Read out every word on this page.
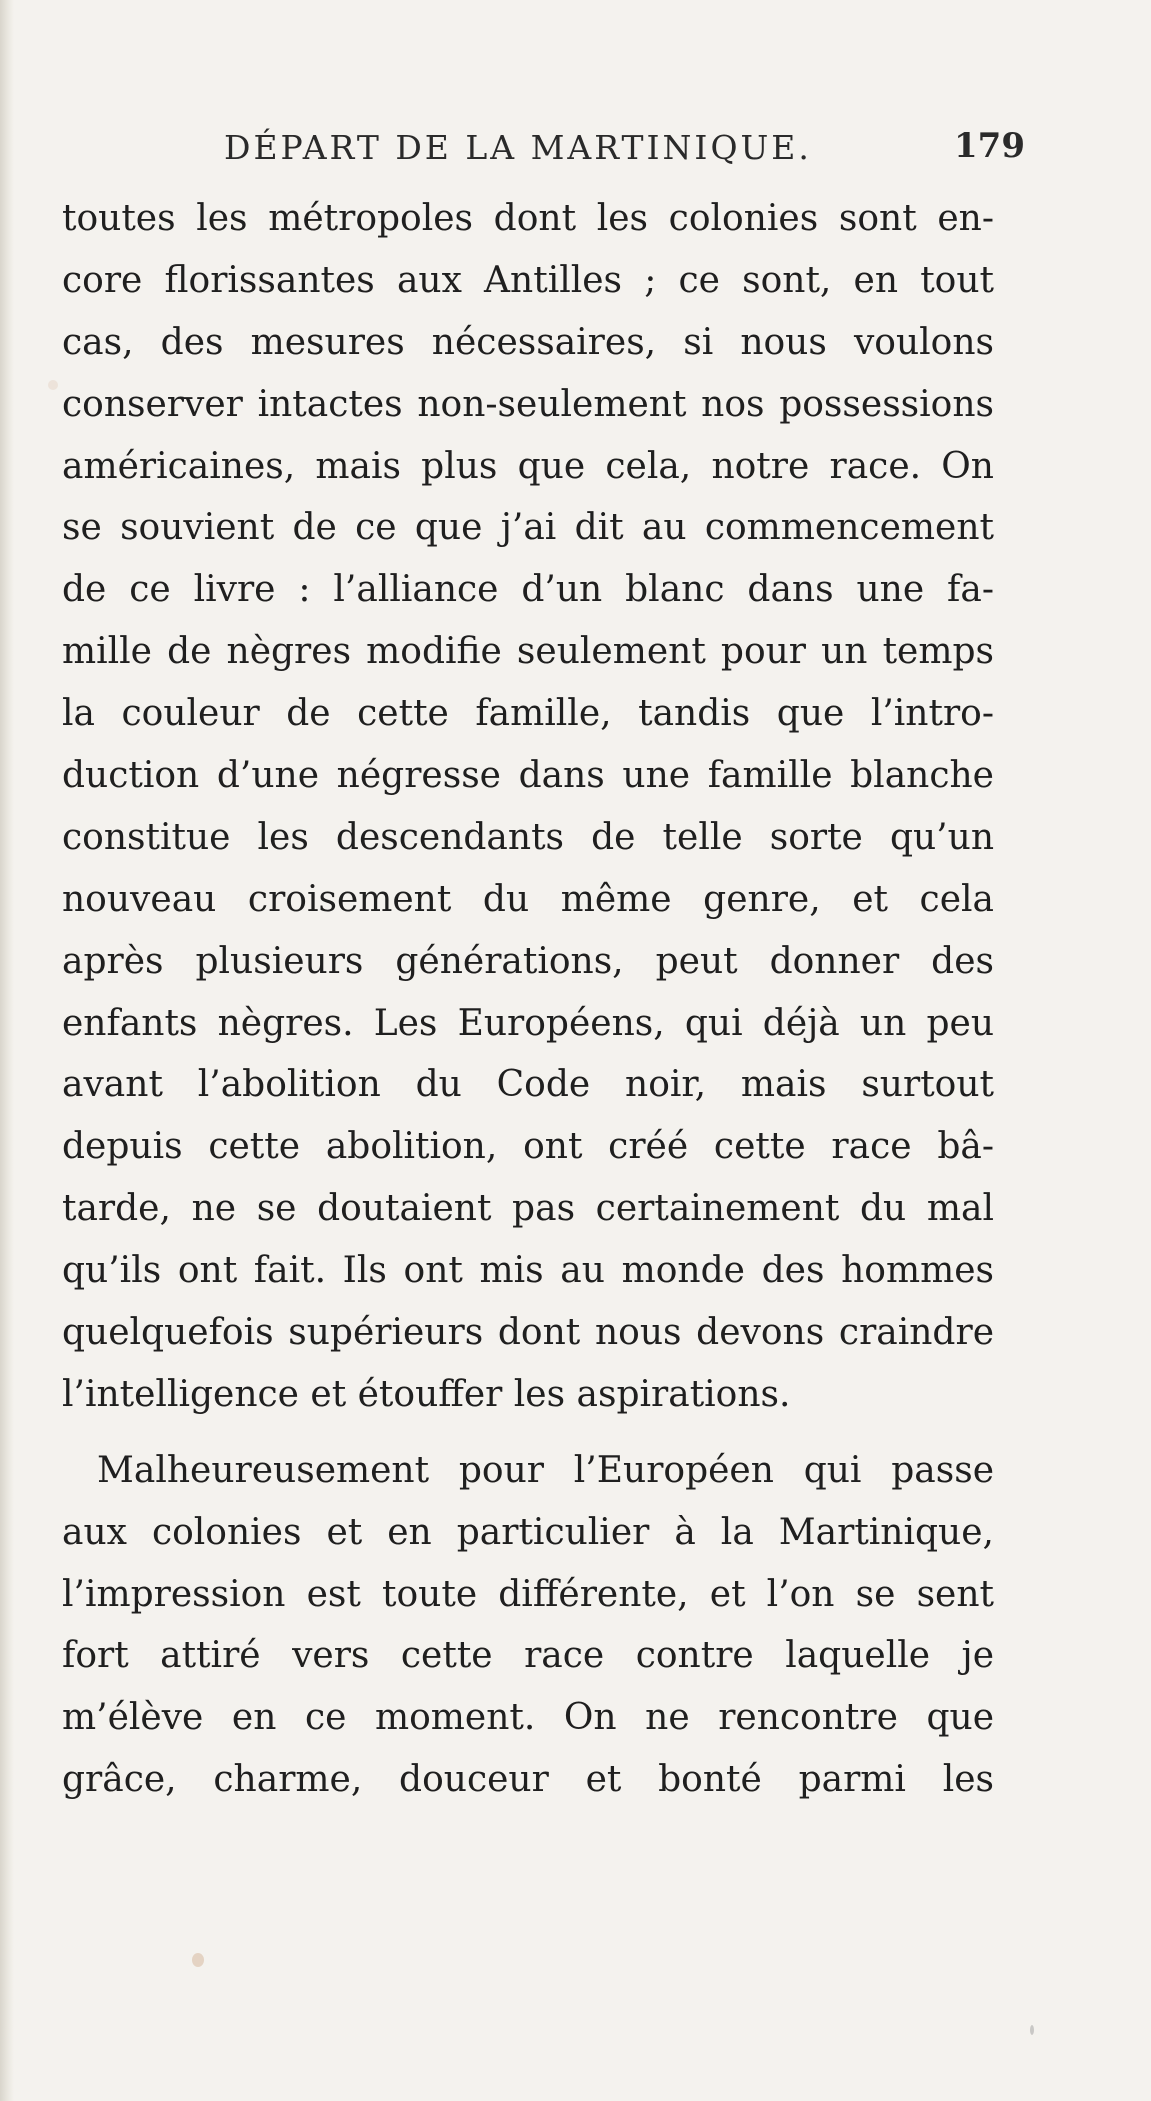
DÉPART DE LA MARTINIQUE.	179
toutes les métropoles dont les colonies sont en-
core florissantes aux Antilles ; ce sont, en tout
cas, des mesures nécessaires, si nous voulons
conserver intactes non-seulement nos possessions
américaines, mais plus que cela, notre race. On
se souvient de ce que j’ai dit au commencement
de ce livre : l’alliance d’un blanc dans une fa-
mille de nègres modifie seulement pour un temps
la couleur de cette famille, tandis que l’intro-
duction d’une négresse dans une famille blanche
constitue les descendants de telle sorte qu’un
nouveau croisement du même genre, et cela
après plusieurs générations, peut donner des
enfants nègres. Les Européens, qui déjà un peu
avant l’abolition du Code noir, mais surtout
depuis cette abolition, ont créé cette race bâ-
tarde, ne se doutaient pas certainement du mal
qu’ils ont fait. Ils ont mis au monde des hommes
quelquefois supérieurs dont nous devons craindre
l’intelligence et étouffer les aspirations.
Malheureusement pour l’Européen qui passe
aux colonies et en particulier à la Martinique,
l’impression est toute différente, et l’on se sent
fort attiré vers cette race contre laquelle je
m’élève en ce moment. On ne rencontre que
grâce, charme, douceur et bonté parmi les
